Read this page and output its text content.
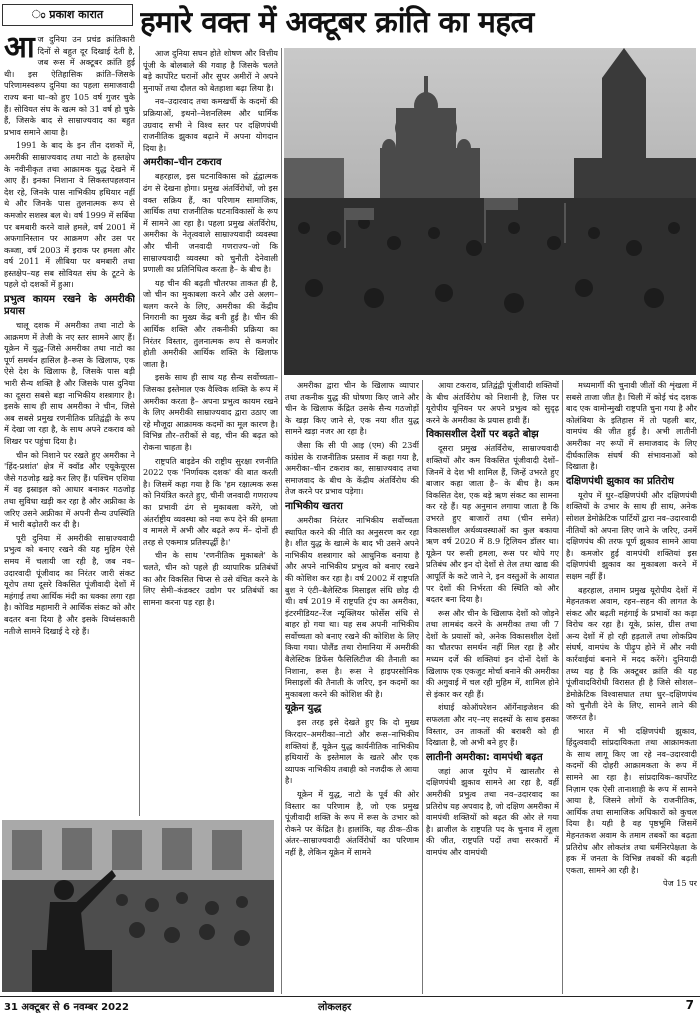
ಂ प्रकाश कारात	हमारे वक्त में अक्टूबर क्रांति का महत्व

आज दुनिया उन प्रचंड क्रांतिकारी दिनों से बहुत दूर दिखाई देती है, जब रूस में अक्टूबर क्रांति हुई थी। इस ऐतिहासिक क्रांति–जिसके परिणामस्वरूप दुनिया का पहला समाजवादी राज्य बना था–को हुए 105 वर्ष गुजर चुके हैं। सोवियत संघ के खत्म को 31 वर्ष हो चुके हैं, जिसके बाद से साम्राज्यवाद का बहुत प्रभाव समाने आया है।

1991 के बाद के इन तीन दशकों में, अमरीकी साम्राज्यवाद तथा नाटो के हस्तक्षेप के नवीनीकृत तथा आक्रामक युद्ध देखने में आए हैं। इनका निशाना वे सिकस्तपहलवान देश रहे, जिनके पास नाभिकीय हथियार नहीं थे और जिनके पास तुलनात्मक रूप से कमजोर सशस्त्र बल थे। वर्ष 1999 में सर्बिया पर बमबारी करने वाले हमले, वर्ष 2001 में अफगानिस्तान पर आक्रमण और उस पर कब्जा, वर्ष 2003 में इराक पर हमला और वर्ष 2011 में लीबिया पर बमबारी तथा हस्तक्षेप–यह सब सोवियत संघ के टूटने के पहले दो दशकों में हुआ।

प्रभुत्व कायम रखने के अमरीकी प्रयास

चालू दशक में अमरीका तथा नाटो के आक्रमण में तेजी के नए स्तर सामने आए हैं। यूक्रेन में युद्ध–जिसे अमरीका तथा नाटो का पूर्ण समर्थन हासिल है–रूस के खिलाफ, एक ऐसे देश के खिलाफ है, जिसके पास बड़ी भारी सैन्य शक्ति है और जिसके पास दुनिया का दूसरा सबसे बड़ा नाभिकीय शस्त्रागार है। इसके साथ ही साथ अमरीका ने चीन, जिसे अब सबसे प्रमुख रणनीतिक प्रतिद्वंद्वी के रूप में देखा जा रहा है, के साथ अपने टकराव को शिखर पर पहुंचा दिया है।

चीन को निशाने पर रखते हुए अमरीका ने 'हिंद-प्रशांत' क्षेत्र में क्वॉड और एयूकेयूएस जैसे गठजोड़ खड़े कर लिए हैं। पश्चिम एशिया में वह इस्राइल को आधार बनाकर गठजोड़ तथा सुविधा खड़ी कर रहा है और अफ्रीका के जरिए उसने अफ्रीका में अपनी सैन्य उपस्थिति में भारी बढ़ोतरी कर दी है।

पूरी दुनिया में अमरीकी साम्राज्यवादी प्रभुत्व को बनाए रखने की यह मुहिम ऐसे समय में चलायी जा रही है, जब नव–उदारवादी पूंजीवाद का निरंतर जारी संकट यूरोप तथा दूसरे विकसित पूंजीवादी देशों में महंगाई तथा आर्थिक मंदी का धक्का लगा रहा है। कोविड महामारी ने आर्थिक संकट को और बदतर बना दिया है और इसके विध्वंसकारी नतीजे सामने दिखाई दे रहे हैं।

आज दुनिया सघन होते शोषण और वित्तीय पूंजी के बोलबाले की गवाह है जिसके चलते बड़े कार्पोरेट घरानों और सुपर अमीरों ने अपने मुनाफों तथा दौलत को बेतहाशा बढ़ा लिया है।

नव–उदारवाद तथा कमखर्ची के कदमों की प्रक्रियाओं, इथनो–नेशनलिस्म और धार्मिक उग्रवाद सभी ने विश्व स्तर पर दक्षिणपंथी राजनीतिक झुकाव बढ़ाने में अपना योगदान दिया है।

अमरीका–चीन टकराव

बहरहाल, इस घटनाविकास को द्वंद्वात्मक ढंग से देखना होगा। प्रमुख अंतर्विरोधों, जो इस वक्त सक्रिय हैं, का परिणाम सामाजिक, आर्थिक तथा राजनीतिक घटनाविकासों के रूप में सामने आ रहा है। पहला प्रमुख अंतर्विरोध, अमरीका के नेतृत्ववाले साम्राज्यवादी व्यवस्था और चीनी जनवादी गणराज्य–जो कि साम्राज्यवादी व्यवस्था को चुनौती देनेवाली प्रणाली का प्रतिनिधित्व करता है– के बीच है।

यह चीन की बढ़ती चौतरफा ताकत ही है, जो चीन का मुकाबला करने और उसे अलग–थलग करने के लिए, अमरीका की केंद्रीय निगरानी का मुख्य केंद्र बनी हुई है। चीन की आर्थिक शक्ति और तकनीकी प्रक्रिया का निरंतर विस्तार, तुलनात्मक रूप से कमजोर होती अमरीकी आर्थिक शक्ति के खिलाफ जाता है।

इसके साथ ही साथ यह सैन्य सर्वोच्चता–जिसका इस्तेमाल एक वैश्विक शक्ति के रूप में अमरीका करता है– अपना प्रभुत्व कायम रखने के लिए अमरीकी साम्राज्यवाद द्वारा उठाए जा रहे मौजूदा आक्रामक कदमों का मूल कारण है। विभिन्न तौर–तरीकों से वह, चीन की बढ़त को रोकना चाहता है।

राष्ट्रपति बाइडेन की राष्ट्रीय सुरक्षा रणनीति 2022 एक 'निर्णायक दशक' की बात करती है। जिसमें कहा गया है कि 'हम रक्षात्मक रूस को नियंत्रित करते हुए, चीनी जनवादी गणराज्य का प्रभावी ढंग से मुकाबला करेंगे, जो अंतर्राष्ट्रीय व्यवस्था को नया रूप देने की क्षमता व मामले में अभी और बढ़ते रूप में– दोनों ही तरह से एकमात्र प्रतिस्पर्द्धी है।'

चीन के साथ 'रणनीतिक मुकाबले' के चलते, चीन को पहले ही व्यापारिक प्रतिबंधों का और विकसित चिप्स से उसे वंचित करने के लिए सेमी–कंडक्टर उद्योग पर प्रतिबंधों का सामना करना पड़ रहा है।

अमरीका द्वारा चीन के खिलाफ व्यापार तथा तकनीक युद्ध की घोषणा किए जाने और चीन के खिलाफ केंद्रित उसके सैन्य गठजोड़ों के खड़ा किए जाने से, एक नया शीत युद्ध सामने खड़ा नजर आ रहा है।

जैसा कि सी पी आइ (एम) की 23वीं कांग्रेस के राजनीतिक प्रस्ताव में कहा गया है, अमरीका–चीन टकराव का, साम्राज्यवाद तथा समाजवाद के बीच के केंद्रीय अंतर्विरोध की तेज करने पर प्रभाव पड़ेगा।

नाभिकीय खतरा

अमरीका निरंतर नाभिकीय सर्वोच्चता स्थापित करने की नीति का अनुसरण कर रहा है। शीत युद्ध के खात्मे के बाद भी उसने अपने नाभिकीय शस्त्रागार को आधुनिक बनाया है और अपने नाभिकीय प्रभुत्व को बनाए रखने की कोशिश कर रहा है। वर्ष 2002 में राष्ट्रपति बुश ने एंटी–बैलेस्टिक मिसाइल संधि छोड़ दी थी। वर्ष 2019 में राष्ट्रपति ट्रंप का अमरीका, इंटरमीडियट–रेंज न्यूक्लियर फोर्सेस संधि से बाहर हो गया था। यह सब अपनी नाभिकीय सर्वोच्चता को बनाए रखने की कोशिश के लिए किया गया। पोलैंड तथा रोमानिया में अमरीकी बैलेस्टिक डिफेंस फैसिलिटीज की तैनाती का निशाना, रूस है। रूस ने हाइपरसोनिक मिसाइलों की तैनाती के जरिए, इन कदमों का मुकाबला करने की कोशिश की है।

यूक्रेन युद्ध

इस तरह इसे देखते हुए कि दो मुख्य किरदार–अमरीका–नाटो और रूस–नाभिकीय शक्तियां हैं, यूक्रेन युद्ध कार्यनीतिक नाभिकीय हथियारों के इस्तेमाल के खतरे और एक व्यापक नाभिकीय तबाही को नजदीक ले आया है।

यूक्रेन में युद्ध, नाटो के पूर्व की ओर विस्तार का परिणाम है, जो एक प्रमुख पूंजीवादी शक्ति के रूप में रूस के उभार को रोकने पर केंद्रित है। हालांकि, यह ठीक–ठीक अंतर–साम्राज्यवादी अंतर्विरोधों का परिणाम नहीं है, लेकिन यूक्रेन में सामने

आया टकराव, प्रतिद्वंद्वी पूंजीवादी शक्तियों के बीच अंतर्विरोध को निशानी है, जिस पर यूरोपीय यूनियन पर अपने प्रभुत्व को सुदृढ़ करने के अमरीका के प्रयास हावी हैं।

विकासशील देशों पर बढ़ते बोझ

दूसरा प्रमुख अंतर्विरोध, साम्राज्यवादी शक्तियों और कम विकसित पूंजीवादी देशों–जिनमें वे देश भी शामिल हैं, जिन्हें उभरते हुए बाजार कहा जाता है– के बीच है। कम विकसित देश, एक बड़े ऋण संकट का सामना कर रहे हैं। यह अनुमान लगाया जाता है कि उभरते हुए बाजारों तथा (चीन समेत) विकासशील अर्थव्यवस्थाओं का कुल बकाया ऋण वर्ष 2020 में 8.9 ट्रिलियन डॉलर था। यूक्रेन पर रूसी हमला, रूस पर थोपे गए प्रतिबंध और इन दो देशों से तेल तथा खाद्य की आपूर्ति के कटे जाने ने, इन वस्तुओं के आयात पर देशों की निर्भरता की स्थिति को और बदतर बना दिया है।

रूस और चीन के खिलाफ देशों को जोड़ने तथा लामबंद करने के अमरीका तथा जी 7 देशों के प्रयासों को, अनेक विकासशील देशों का चौतरफा समर्थन नहीं मिल रहा है और मध्यम दर्जे की शक्तियां इन दोनों देशों के खिलाफ एक एकजुट मोर्चा बनाने की अमरीका की अगुवाई में चल रही मुहिम में, शामिल होने से इंकार कर रही हैं।

शंघाई कोऑपरेशन ऑर्गेनाइजेशन की सफलता और नए–नए सदस्यों के साथ इसका विस्तार, उन ताकतों की बराबरी को ही दिखाता है, जो अभी बने हुए हैं।

लातीनी अमरीका: वामपंथी बढ़त

जहां आज यूरोप में खासतौर से दक्षिणपंथी झुकाव सामने आ रहा है, वहीं अमरीकी प्रभुत्व तथा नव–उदारवाद का प्रतिरोध यह अपवाद है, जो दक्षिण अमरीका में वामपंथी शक्तियों को बढ़त की ओर ले गया है। ब्राजील के राष्ट्रपति पद के चुनाव में लूला की जीत, राष्ट्रपति पदों तथा सरकारों में वामपंथ और वामपंथी

मध्यमार्गी की चुनावी जीतों की शृंखला में सबसे ताजा जीत है। चिली में कोई चंद दशक बाद एक वामोन्मुखी राष्ट्रपति चुना गया है और कोलंबिया के इतिहास में तो पहली बार, वामपंथ की जीत हुई है। अभी लातीनी अमरीका नए रूपों में समाजवाद के लिए दीर्घकालिक संघर्ष की संभावनाओं को दिखाता है।

दक्षिणपंथी झुकाव का प्रतिरोध

यूरोप में धुर–दक्षिणपंथी और दक्षिणपंथी शक्तियों के उभार के साथ ही साथ, अनेक सोशल डेमोक्रेटिक पार्टियों द्वारा नव–उदारवादी नीतियों को अपना लिए जाने के जरिए, उनमें दक्षिणपंथ की तरफ पूर्ण झुकाव सामने आया है। कमजोर हुई वामपंथी शक्तियां इस दक्षिणपंथी झुकाव का मुकाबला करने में सक्षम नहीं हैं।

बहरहाल, तमाम प्रमुख यूरोपीय देशों में मेहनतकश अवाम, रहन–सहन की लागत के संकट और बढ़ती महंगाई के प्रभावों का कड़ा विरोध कर रहा है। यूके, फ्रांस, ग्रीस तथा अन्य देशों में हो रही हड़तालें तथा लोकप्रिय संघर्ष, वामपंथ के पीढ़ुप होने में और नयी कार्रवाईयां बनाने में मदद करेंगे। दुनियादी तथ्य यह है कि अक्टूबर क्रांति की यह पूंजीवादविरोधी विरासत ही है जिसे सोशल–डेमोक्रेटिक विश्वासघात तथा धुर–दक्षिणपंथ को चुनौती देने के लिए, सामने लाने की जरूरत है।

भारत में भी दक्षिणपंथी झुकाव, हिंदुत्ववादी सांप्रदायिकता तथा आक्रामकता के साथ लागू किए जा रहे नव–उदारवादी कदमों की दोहरी आक्रामकता के रूप में सामने आ रहा है। सांप्रदायिक–कार्पोरेट निज़ाम एक ऐसी तानाशाही के रूप में सामने आया है, जिसने लोगों के राजनीतिक, आर्थिक तथा सामाजिक अधिकारों को कुचल दिया है। यही है वह पृष्ठभूमि जिसमें मेहनतकश अवाम के तमाम तबकों का बढ़ता प्रतिरोध और लोकतंत्र तथा धर्मनिरपेक्षता के हक में जनता के विभिन्न तबकों की बढ़ती एकता, सामने आ रही है।

पेज 15 पर

31 अक्टूबर से 6 नवम्बर 2022	लोकलहर	7
